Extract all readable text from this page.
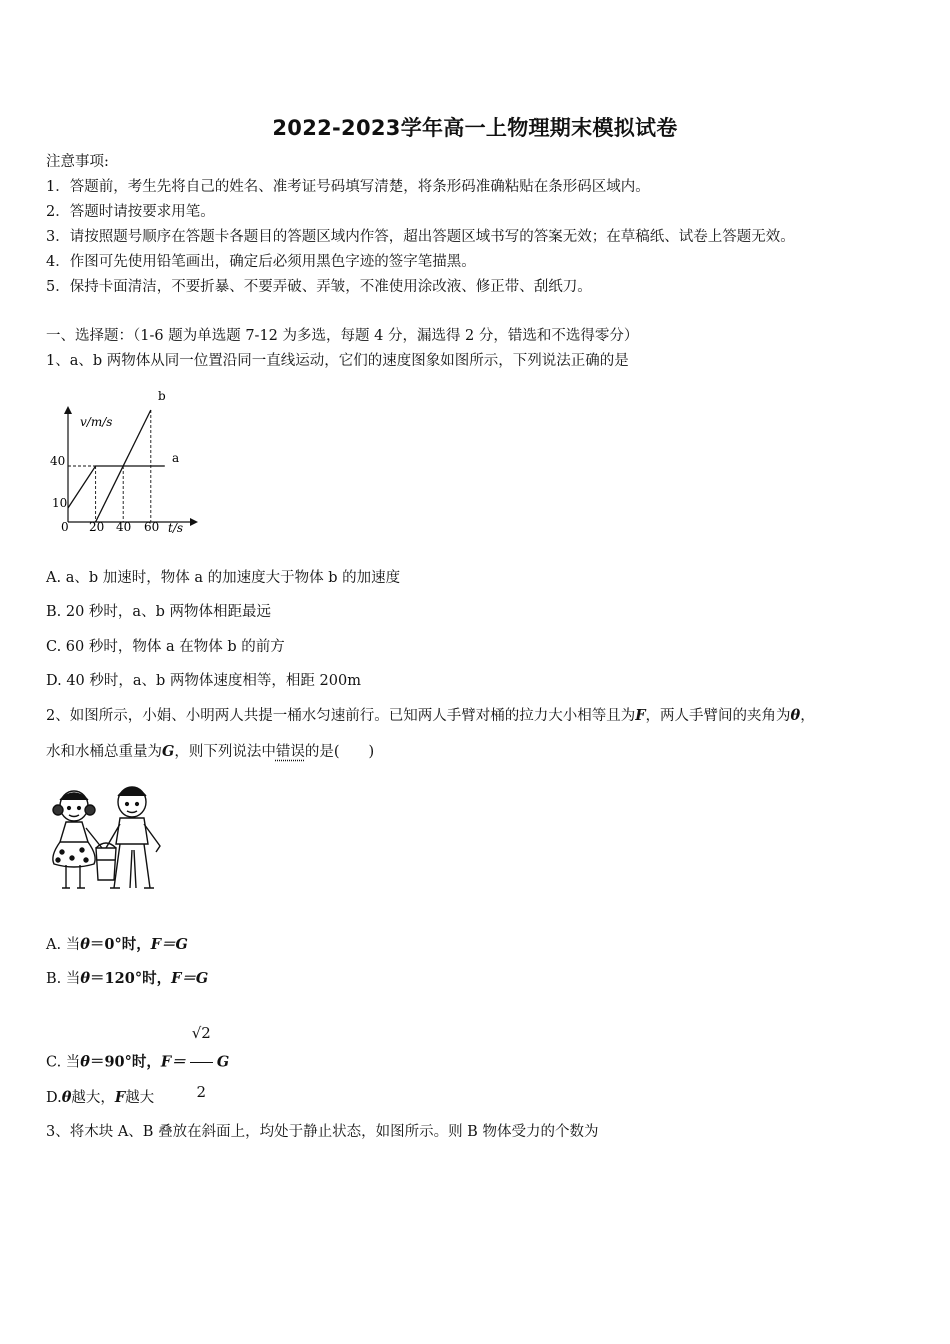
2022-2023学年高一上物理期末模拟试卷
注意事项:
1．答题前，考生先将自己的姓名、准考证号码填写清楚，将条形码准确粘贴在条形码区域内。
2．答题时请按要求用笔。
3．请按照题号顺序在答题卡各题目的答题区域内作答，超出答题区域书写的答案无效；在草稿纸、试卷上答题无效。
4．作图可先使用铅笔画出，确定后必须用黑色字迹的签字笔描黑。
5．保持卡面清洁，不要折暴、不要弄破、弄皱，不准使用涂改液、修正带、刮纸刀。
一、选择题：（1-6 题为单选题 7-12 为多选，每题 4 分，漏选得 2 分，错选和不选得零分）
1、a、b 两物体从同一位置沿同一直线运动，它们的速度图象如图所示，下列说法正确的是
v/m/s
t/s
40
10
0 20 40 60
a
b
A. a、b 加速时，物体 a 的加速度大于物体 b 的加速度
B. 20 秒时，a、b 两物体相距最远
C. 60 秒时，物体 a 在物体 b 的前方
D. 40 秒时，a、b 两物体速度相等，相距 200m
2、如图所示，小娟、小明两人共提一桶水匀速前行。已知两人手臂对桶的拉力大小相等且为F，两人手臂间的夹角为θ，
水和水桶总重量为G，则下列说法中错误的是(　　)
A. 当θ＝0°时，F＝G
B. 当θ＝120°时，F＝G
C. 当θ＝90°时，$F= \frac{√2}{2}$ G
D.θ越大，F越大
3、将木块 A、B 叠放在斜面上，均处于静止状态，如图所示。则 B 物体受力的个数为
